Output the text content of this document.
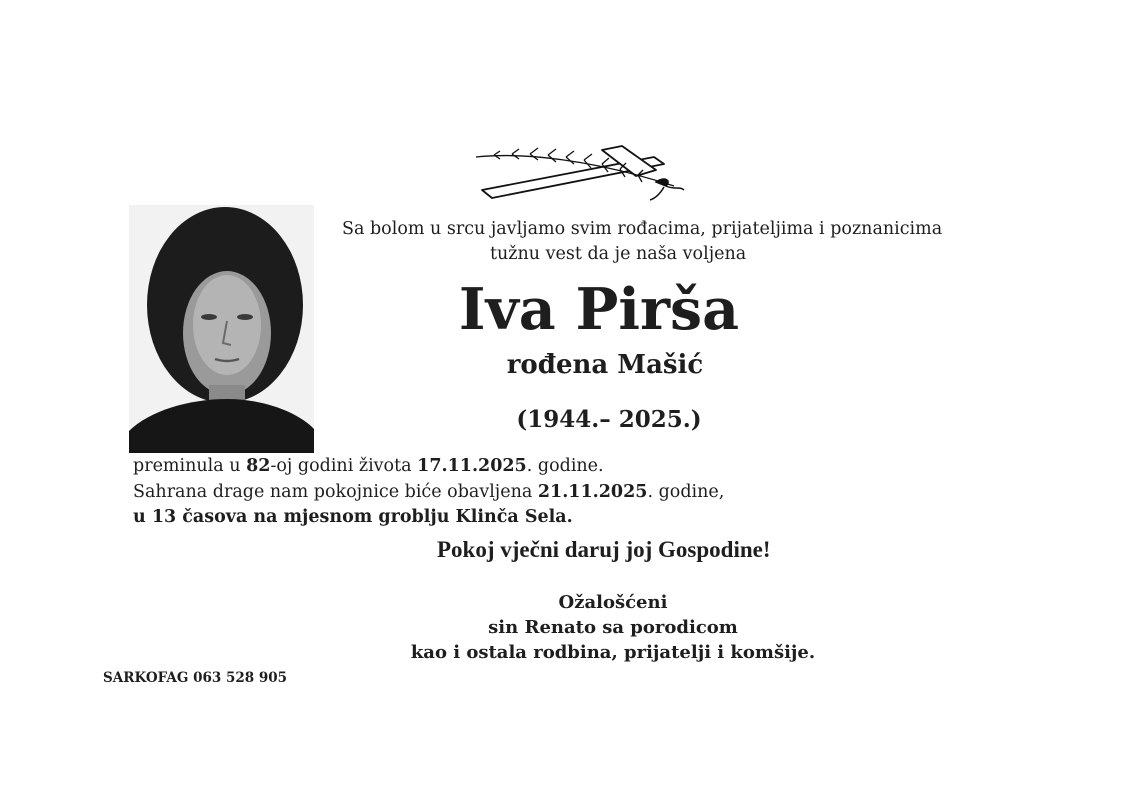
Sa bolom u srcu javljamo svim rođacima, prijateljima i poznanicima
tužnu vest da je naša voljena
Iva Pirša
rođena Mašić
(1944.– 2025.)
preminula u 82-oj godini života 17.11.2025. godine.
Sahrana drage nam pokojnice biće obavljena 21.11.2025. godine,
u 13 časova na mjesnom groblju Klinča Sela.
Pokoj vječni daruj joj Gospodine!
Ožalošćeni
sin Renato sa porodicom
kao i ostala rodbina, prijatelji i komšije.
SARKOFAG 063 528 905
